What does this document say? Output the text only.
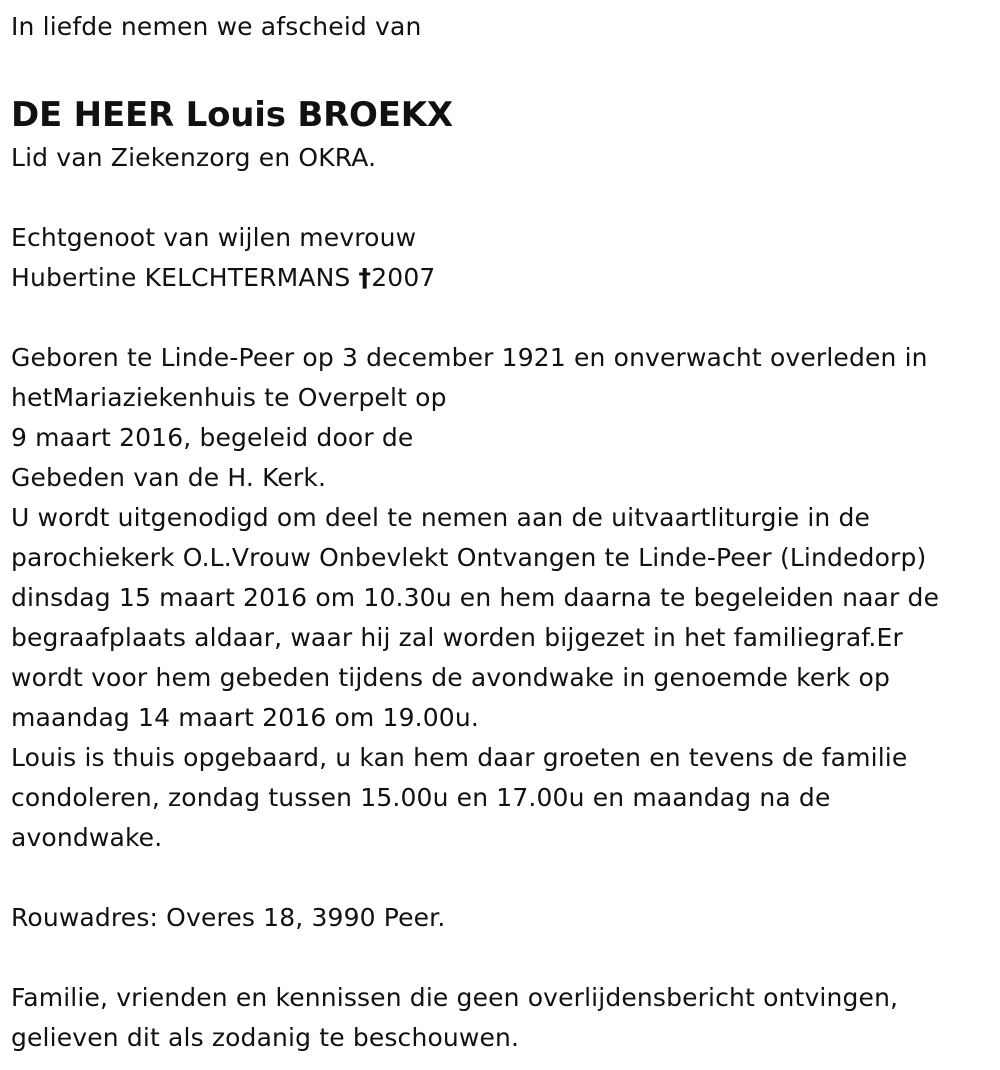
In liefde nemen we afscheid van
DE HEER Louis BROEKX
Lid van Ziekenzorg en OKRA.
Echtgenoot van wijlen mevrouw
Hubertine KELCHTERMANS †2007
Geboren te Linde-Peer op 3 december 1921 en onverwacht overleden in
hetMariaziekenhuis te Overpelt op
9 maart 2016, begeleid door de
Gebeden van de H. Kerk.
U wordt uitgenodigd om deel te nemen aan de uitvaartliturgie in de
parochiekerk O.L.Vrouw Onbevlekt Ontvangen te Linde-Peer (Lindedorp)
dinsdag 15 maart 2016 om 10.30u en hem daarna te begeleiden naar de
begraafplaats aldaar, waar hij zal worden bijgezet in het familiegraf.Er
wordt voor hem gebeden tijdens de avondwake in genoemde kerk op
maandag 14 maart 2016 om 19.00u.
Louis is thuis opgebaard, u kan hem daar groeten en tevens de familie
condoleren, zondag tussen 15.00u en 17.00u en maandag na de
avondwake.
Rouwadres: Overes 18, 3990 Peer.
Familie, vrienden en kennissen die geen overlijdensbericht ontvingen,
gelieven dit als zodanig te beschouwen.
